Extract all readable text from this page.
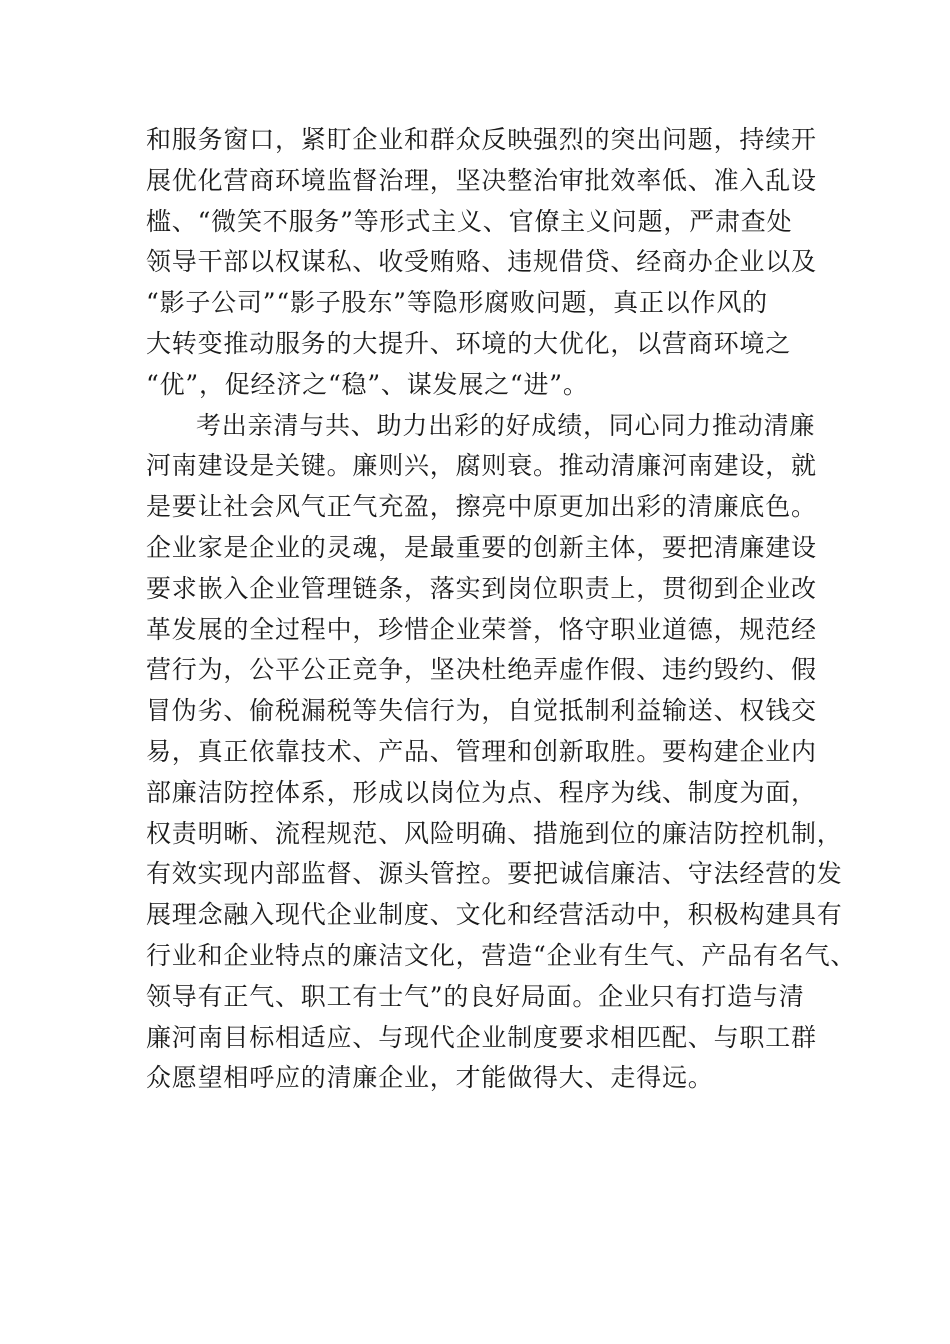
和服务窗口，紧盯企业和群众反映强烈的突出问题，持续开
展优化营商环境监督治理，坚决整治审批效率低、准入乱设
槛、“微笑不服务”等形式主义、官僚主义问题，严肃查处
领导干部以权谋私、收受贿赂、违规借贷、经商办企业以及
“影子公司”“影子股东”等隐形腐败问题，真正以作风的
大转变推动服务的大提升、环境的大优化，以营商环境之
“优”，促经济之“稳”、谋发展之“进”。
考出亲清与共、助力出彩的好成绩，同心同力推动清廉
河南建设是关键。廉则兴，腐则衰。推动清廉河南建设，就
是要让社会风气正气充盈，擦亮中原更加出彩的清廉底色。
企业家是企业的灵魂，是最重要的创新主体，要把清廉建设
要求嵌入企业管理链条，落实到岗位职责上，贯彻到企业改
革发展的全过程中，珍惜企业荣誉，恪守职业道德，规范经
营行为，公平公正竞争，坚决杜绝弄虚作假、违约毁约、假
冒伪劣、偷税漏税等失信行为，自觉抵制利益输送、权钱交
易，真正依靠技术、产品、管理和创新取胜。要构建企业内
部廉洁防控体系，形成以岗位为点、程序为线、制度为面，
权责明晰、流程规范、风险明确、措施到位的廉洁防控机制，
有效实现内部监督、源头管控。要把诚信廉洁、守法经营的发
展理念融入现代企业制度、文化和经营活动中，积极构建具有
行业和企业特点的廉洁文化，营造“企业有生气、产品有名气、
领导有正气、职工有士气”的良好局面。企业只有打造与清
廉河南目标相适应、与现代企业制度要求相匹配、与职工群
众愿望相呼应的清廉企业，才能做得大、走得远。
